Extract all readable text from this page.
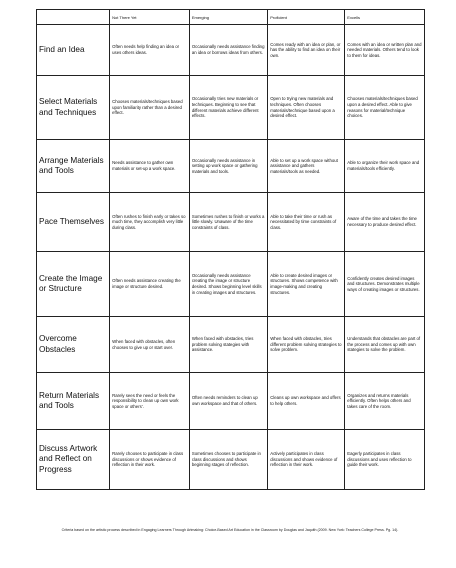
	Not There Yet	Emerging	Proficient	Excells
Find an Idea	Often needs help finding an idea or uses others ideas.	Occasionally needs assistance finding an idea or borrows ideas from others.	Comes ready with an idea or plan, or has the ability to find an idea on their own.	Comes with an idea or written plan and needed materials. Others tend to look to them for ideas.
Select Materials and Techniques	Chooses materials/techniques based upon familiarity rather than a desired effect.	Occasionally tries new materials or techniques. Beginning to see that different materials achieve different effects.	Open to trying new materials and techniques. Often chooses materials/technique based upon a desired effect.	Chooses materials/techniques based upon a desired effect. Able to give reasons for material/technique choices.
Arrange Materials and Tools	Needs assistance to gather own materials or set-up a work space.	Occasionally needs assistance in setting up work space or gathering materials and tools.	Able to set up a work space without assistance and gathers materials/tools as needed.	Able to organize their work space and materials/tools efficiently.
Pace Themselves	Often rushes to finish early or takes so much time, they accomplish very little during class.	Sometimes rushes to finish or works a little slowly. Unaware of the time constraints of class.	Able to take their time or rush as necessitated by time constraints of class.	Aware of the time and takes the time necessary to produce desired effect.
Create the Image or Structure	Often needs assistance creating the image or structure desired.	Occasionally needs assistance creating the image or structure desired. Shows beginning level skills in creating images and structures.	Able to create desired images or structures. Shows competence with image-making and creating structures.	Confidently creates desired images and structures. Demonstrates multiple ways of creating images or structures.
Overcome Obstacles	When faced with obstacles, often chooses to give up or start over.	When faced with obstacles, tries problem solving stategies with assistance.	When faced with obstacles, tries different problem solving strategies to solve problem.	Understands that obstacles are part of the process and comes up with own stategies to solve the problem.
Return Materials and Tools	Rarely sees the need or feels the responsibility to clean up own work space or others'.	Often needs reminders to clean up own workspace and that of others.	Cleans up own workspace and offers to help others.	Organizes and returns materials efficiently. Often helps others and takes care of the room.
Discuss Artwork and Reflect on Progress	Rarely chooses to participate in class discussions or shows evidence of reflection in their work.	Sometimes chooses to participate in class discussions and shows beginning stages of reflection.	Actively participates in class discussions and shows evidence of reflection in their work.	Eagerly participates in class discussions and uses reflection to guide their work.
Criteria based on the artistic process described in Engaging Learners Through Artmaking: Choice-Based Art Education in the Classroom by Douglas and Jaquith (2009. New York: Teachers College Press. Pg. 14).
